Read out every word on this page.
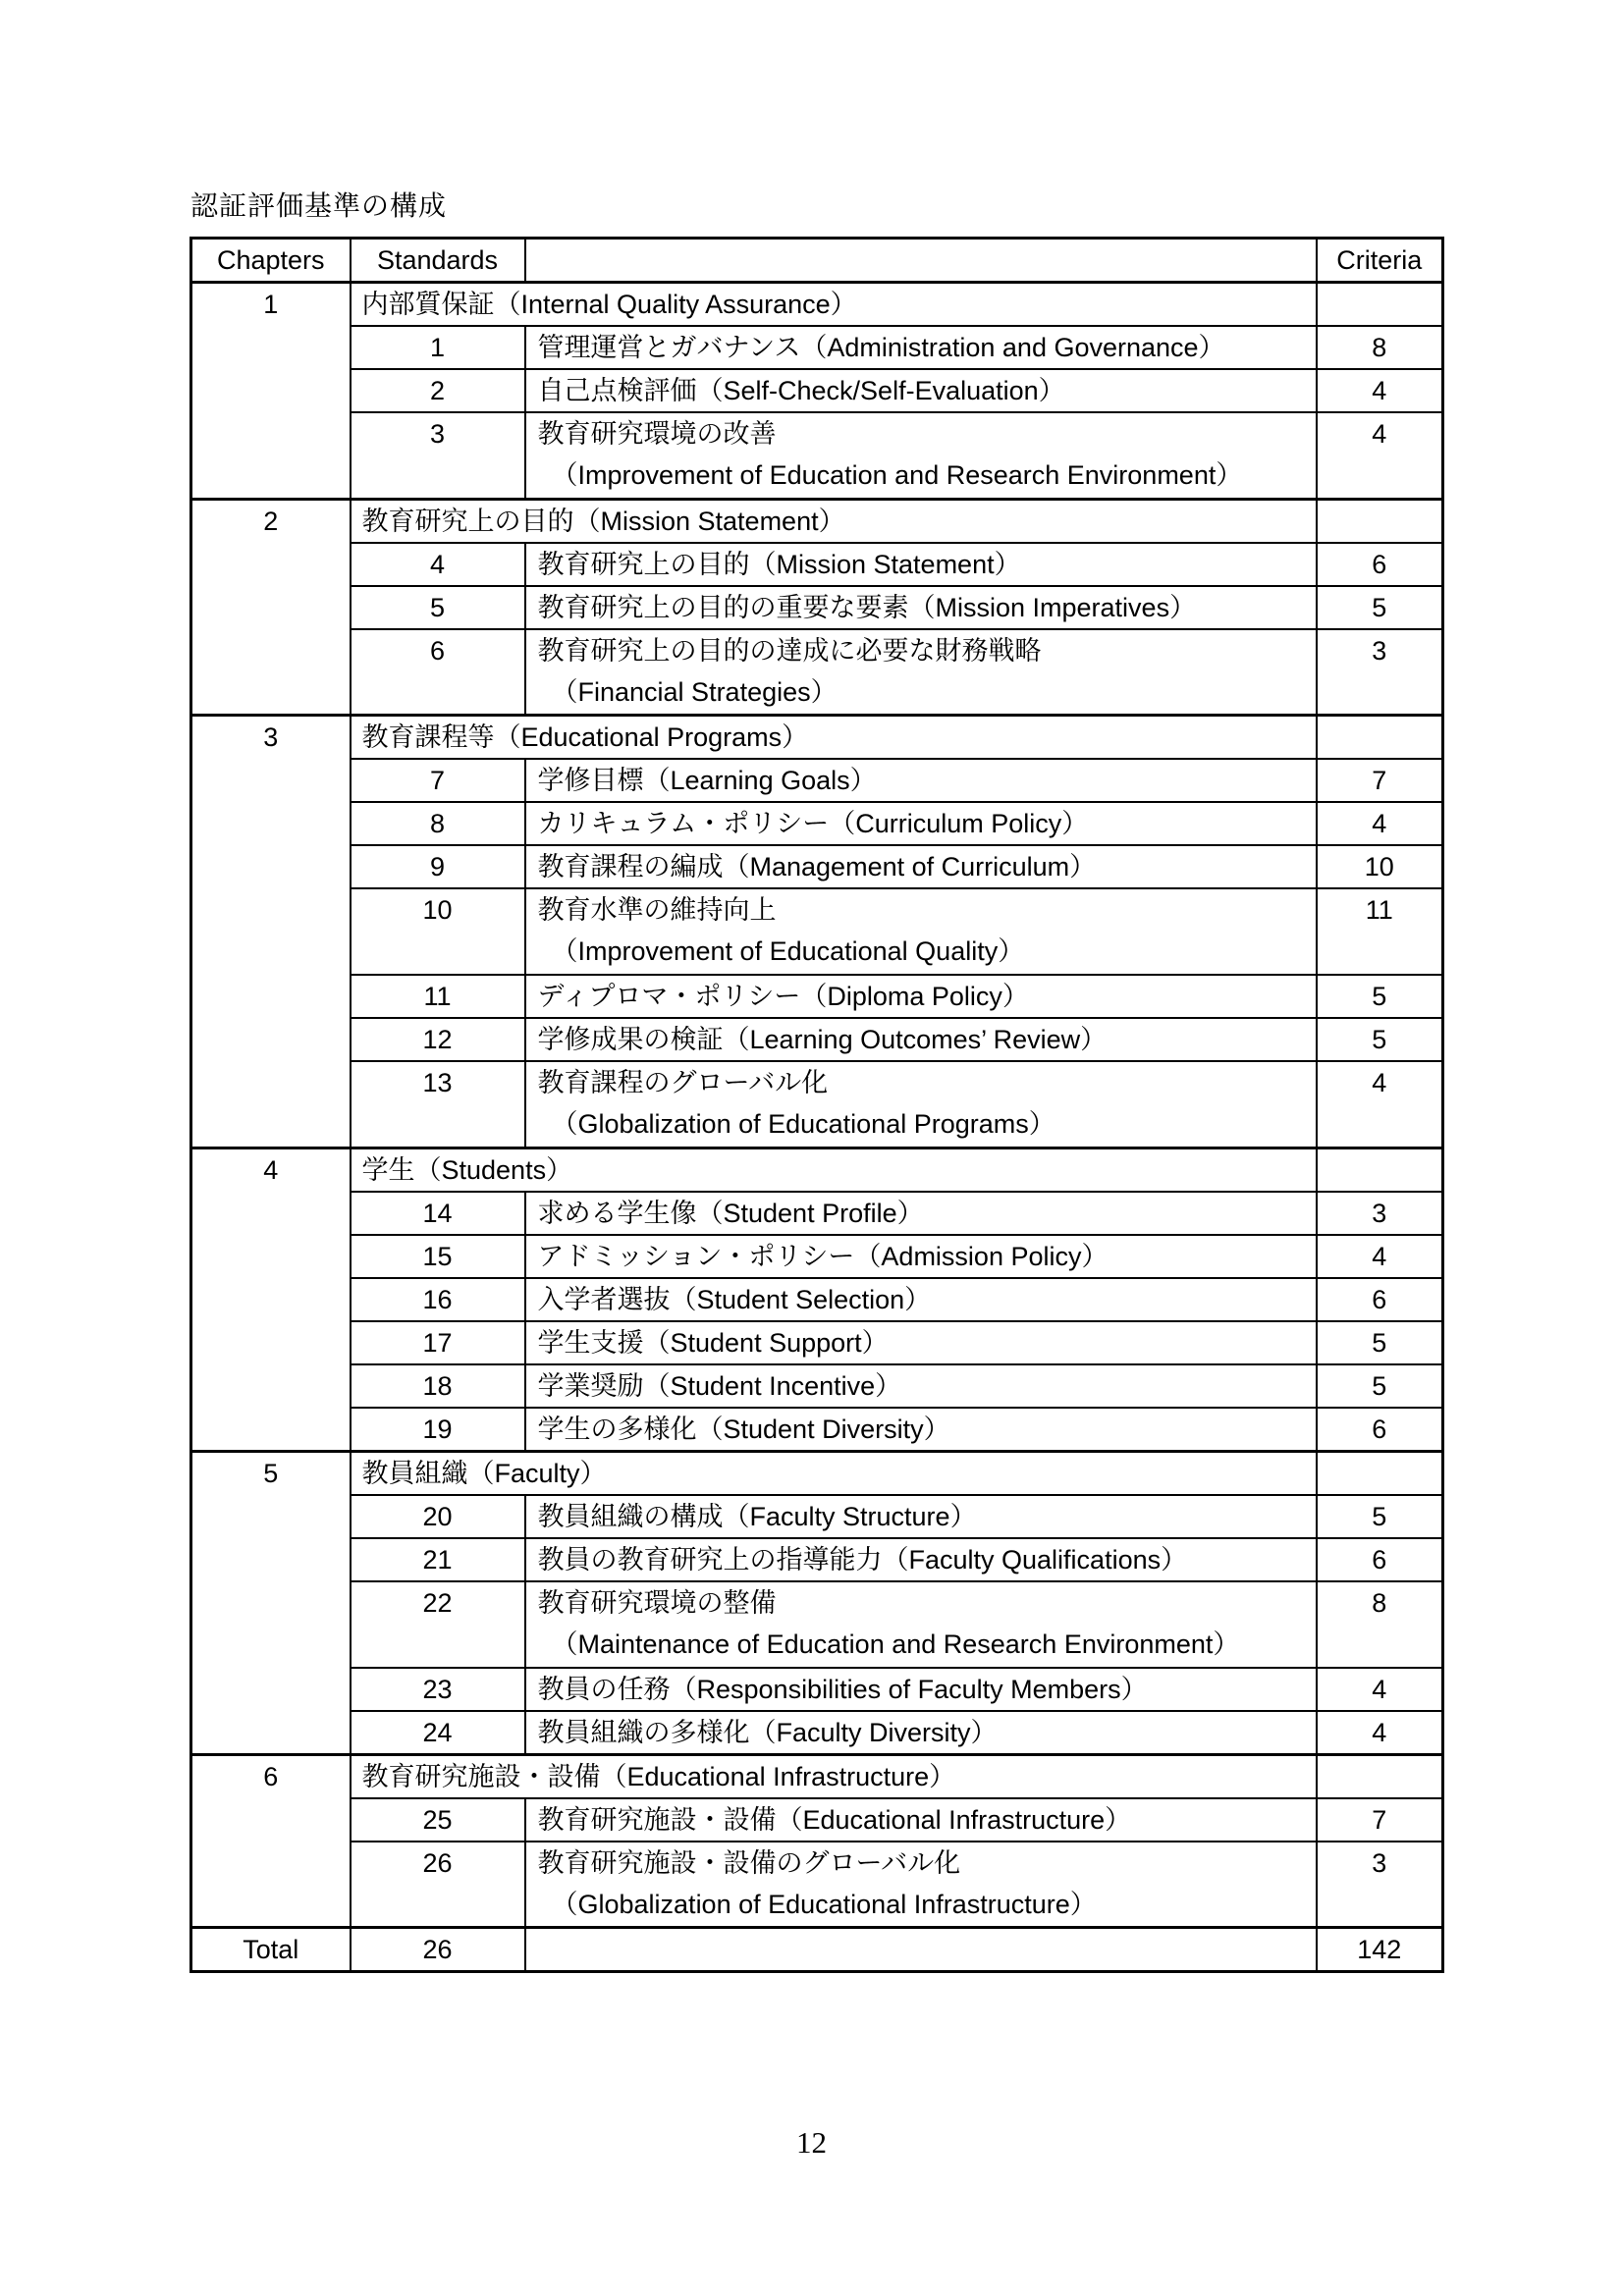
認証評価基準の構成
Chapters	Standards		Criteria
1	内部質保証（Internal Quality Assurance）		
	1	管理運営とガバナンス（Administration and Governance）	8
	2	自己点検評価（Self-Check/Self-Evaluation）	4
	3	教育研究環境の改善
（Improvement of Education and Research Environment）	4
2	教育研究上の目的（Mission Statement）		
	4	教育研究上の目的（Mission Statement）	6
	5	教育研究上の目的の重要な要素（Mission Imperatives）	5
	6	教育研究上の目的の達成に必要な財務戦略
（Financial Strategies）	3
3	教育課程等（Educational Programs）		
	7	学修目標（Learning Goals）	7
	8	カリキュラム・ポリシー（Curriculum Policy）	4
	9	教育課程の編成（Management of Curriculum）	10
	10	教育水準の維持向上
（Improvement of Educational Quality）	11
	11	ディプロマ・ポリシー（Diploma Policy）	5
	12	学修成果の検証（Learning Outcomes’ Review）	5
	13	教育課程のグローバル化
（Globalization of Educational Programs）	4
4	学生（Students）		
	14	求める学生像（Student Profile）	3
	15	アドミッション・ポリシー（Admission Policy）	4
	16	入学者選抜（Student Selection）	6
	17	学生支援（Student Support）	5
	18	学業奨励（Student Incentive）	5
	19	学生の多様化（Student Diversity）	6
5	教員組織（Faculty）		
	20	教員組織の構成（Faculty Structure）	5
	21	教員の教育研究上の指導能力（Faculty Qualifications）	6
	22	教育研究環境の整備
（Maintenance of Education and Research Environment）	8
	23	教員の任務（Responsibilities of Faculty Members）	4
	24	教員組織の多様化（Faculty Diversity）	4
6	教育研究施設・設備（Educational Infrastructure）		
	25	教育研究施設・設備（Educational Infrastructure）	7
	26	教育研究施設・設備のグローバル化
（Globalization of Educational Infrastructure）	3
Total	26		142
12
